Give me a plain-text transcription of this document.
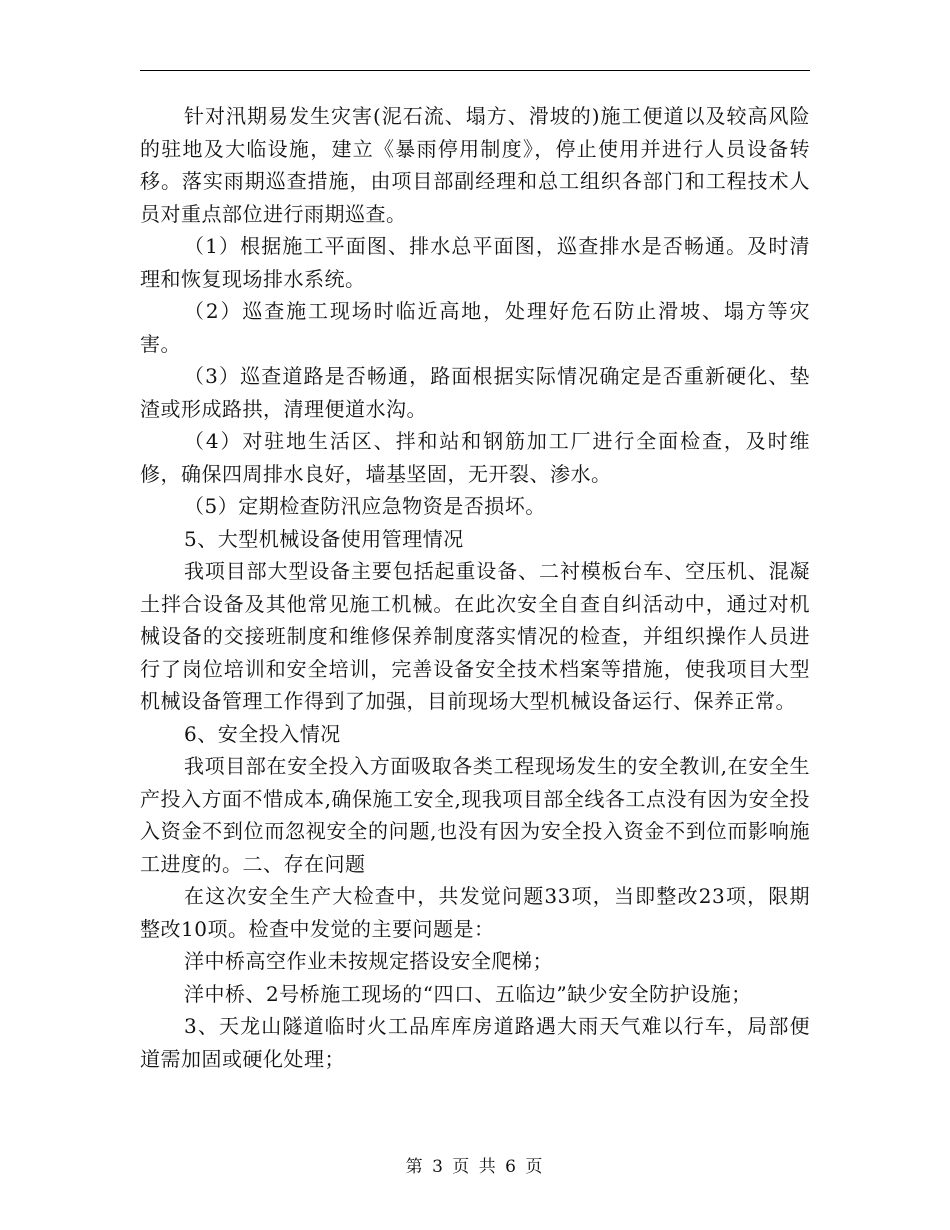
针对汛期易发生灾害(泥石流、塌方、滑坡的)施工便道以及较高风险的驻地及大临设施，建立《暴雨停用制度》，停止使用并进行人员设备转移。落实雨期巡查措施，由项目部副经理和总工组织各部门和工程技术人员对重点部位进行雨期巡查。

（1）根据施工平面图、排水总平面图，巡查排水是否畅通。及时清理和恢复现场排水系统。

（2）巡查施工现场时临近高地，处理好危石防止滑坡、塌方等灾害。

（3）巡查道路是否畅通，路面根据实际情况确定是否重新硬化、垫渣或形成路拱，清理便道水沟。

（4）对驻地生活区、拌和站和钢筋加工厂进行全面检查，及时维修，确保四周排水良好，墙基坚固，无开裂、渗水。

（5）定期检查防汛应急物资是否损坏。

5、大型机械设备使用管理情况

我项目部大型设备主要包括起重设备、二衬模板台车、空压机、混凝土拌合设备及其他常见施工机械。在此次安全自查自纠活动中，通过对机械设备的交接班制度和维修保养制度落实情况的检查，并组织操作人员进行了岗位培训和安全培训，完善设备安全技术档案等措施，使我项目大型机械设备管理工作得到了加强，目前现场大型机械设备运行、保养正常。

6、安全投入情况

我项目部在安全投入方面吸取各类工程现场发生的安全教训,在安全生产投入方面不惜成本,确保施工安全,现我项目部全线各工点没有因为安全投入资金不到位而忽视安全的问题,也没有因为安全投入资金不到位而影响施工进度的。二、存在问题

在这次安全生产大检查中，共发觉问题33项，当即整改23项，限期整改10项。检查中发觉的主要问题是：

洋中桥高空作业未按规定搭设安全爬梯；

洋中桥、2号桥施工现场的“四口、五临边”缺少安全防护设施；

3、天龙山隧道临时火工品库库房道路遇大雨天气难以行车，局部便道需加固或硬化处理；

第 3 页 共 6 页
